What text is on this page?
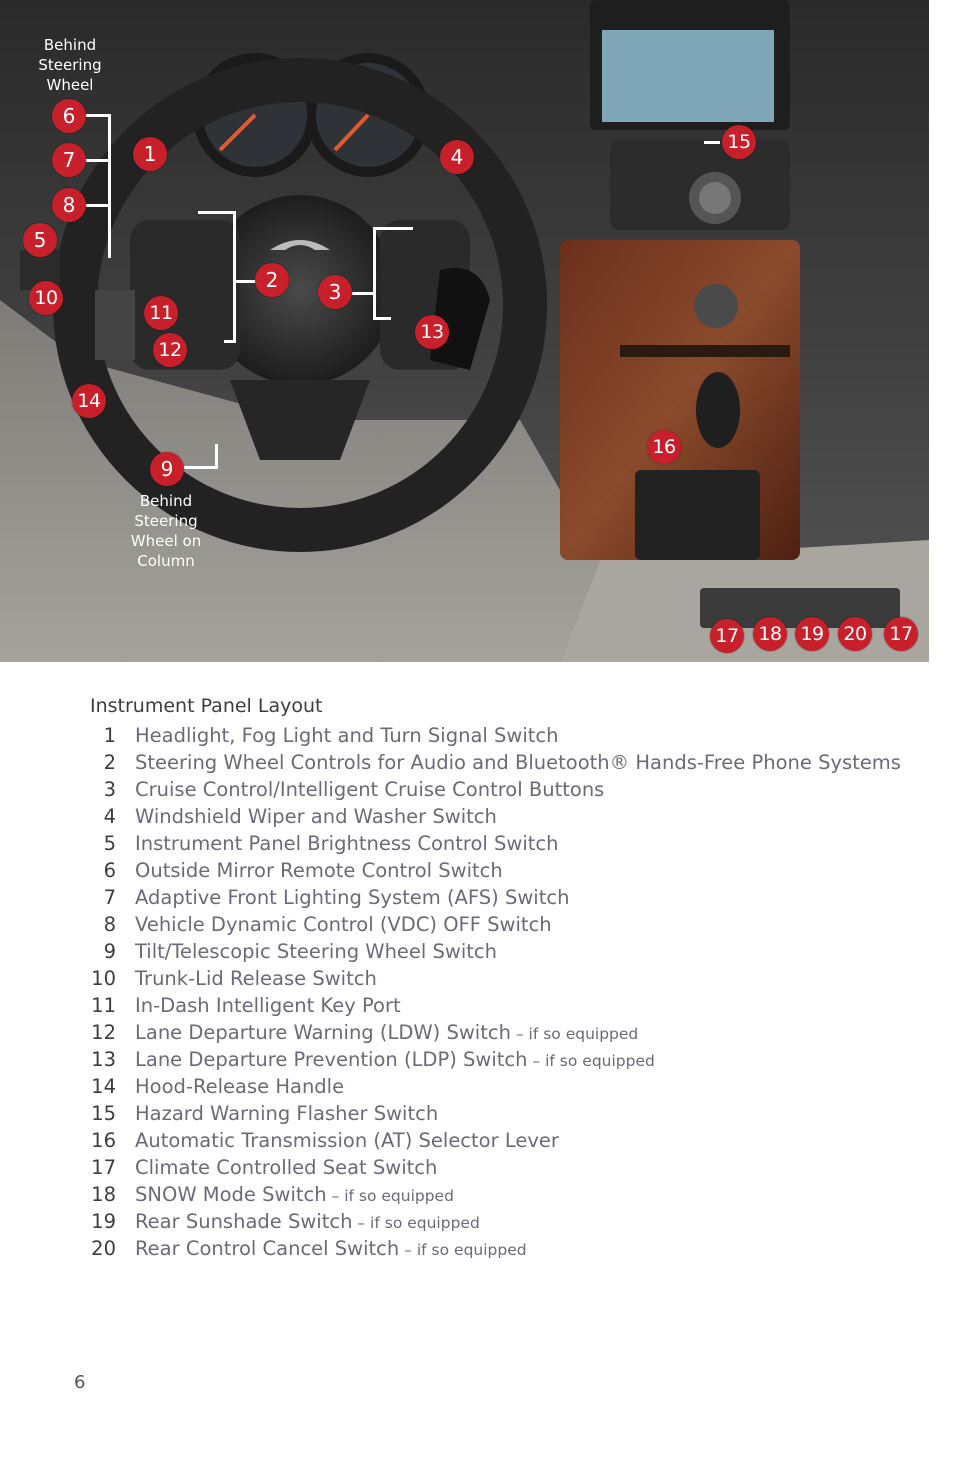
Behind
Steering
Wheel
Behind
Steering
Wheel on
Column
1
2	3
4
5
6
7
8
9
10
11
12
13
14
15
16
17 18 19 20 17
Instrument Panel Layout
1 Headlight, Fog Light and Turn Signal Switch
2 Steering Wheel Controls for Audio and Bluetooth® Hands-Free Phone Systems
3 Cruise Control/Intelligent Cruise Control Buttons
4 Windshield Wiper and Washer Switch
5 Instrument Panel Brightness Control Switch
6 Outside Mirror Remote Control Switch
7 Adaptive Front Lighting System (AFS) Switch
8 Vehicle Dynamic Control (VDC) OFF Switch
9 Tilt/Telescopic Steering Wheel Switch
10 Trunk-Lid Release Switch
11 In-Dash Intelligent Key Port
12 Lane Departure Warning (LDW) Switch – if so equipped
13 Lane Departure Prevention (LDP) Switch – if so equipped
14 Hood-Release Handle
15 Hazard Warning Flasher Switch
16 Automatic Transmission (AT) Selector Lever
17 Climate Controlled Seat Switch
18 SNOW Mode Switch – if so equipped
19 Rear Sunshade Switch – if so equipped
20 Rear Control Cancel Switch – if so equipped
6
